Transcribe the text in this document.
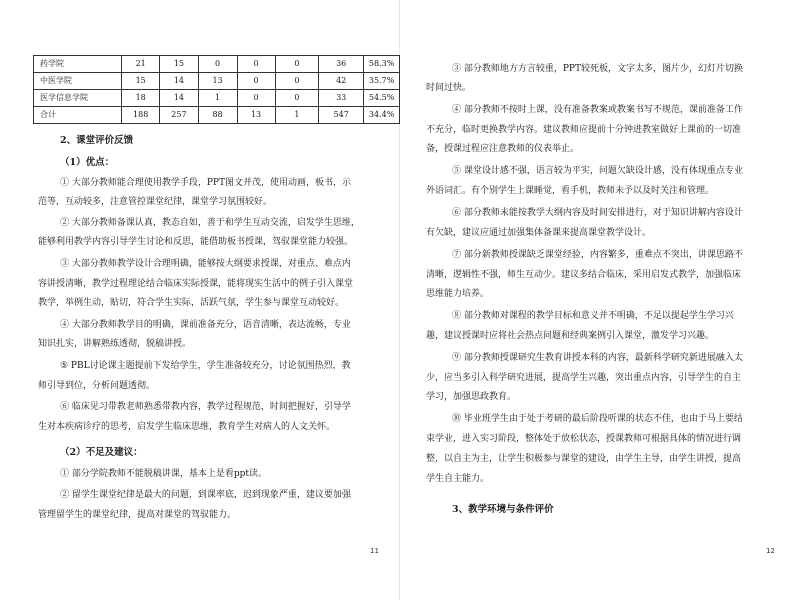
药学院	21	15	0	0	0	36	58.3%
中医学院	15	14	13	0	0	42	35.7%
医学信息学院	18	14	1	0	0	33	54.5%
合计	188	257	88	13	1	547	34.4%
2、课堂评价反馈
（1）优点：
① 大部分教师能合理使用教学手段，PPT图文并茂，使用动画，板书，示
范等，互动较多，注意管控课堂纪律，课堂学习氛围较好。
② 大部分教师备课认真，教态自如，善于和学生互动交流，启发学生思维，
能够利用教学内容引导学生讨论和反思，能借助板书授课，驾驭课堂能力较强。
③ 大部分教师教学设计合理明确，能够按大纲要求授课，对重点、难点内
容讲授清晰，教学过程理论结合临床实际授课，能将现实生活中的例子引入课堂
教学，举例生动，贴切，符合学生实际，活跃气氛，学生参与课堂互动较好。
④ 大部分教师教学目的明确，课前准备充分，语音清晰，表达流畅，专业
知识扎实，讲解熟练透彻，脱稿讲授。
⑤ PBL讨论课主题提前下发给学生，学生准备较充分，讨论氛围热烈，教
师引导到位，分析问题透彻。
⑥ 临床见习带教老师熟悉带教内容，教学过程规范，时间把握好，引导学
生对本疾病诊疗的思考，启发学生临床思维，教育学生对病人的人文关怀。
（2）不足及建议：
① 部分学院教师不能脱稿讲课，基本上是看ppt读。
② 留学生课堂纪律是最大的问题，到课率底，迟到现象严重，建议要加强
管理留学生的课堂纪律，提高对课堂的驾驭能力。
11
③ 部分教师地方方言较重，PPT较死板，文字太多，图片少，幻灯片切换
时间过快。
④ 部分教师不按时上课，没有准备教案或教案书写不规范，课前准备工作
不充分，临时更换教学内容。建议教师应提前十分钟进教室做好上课前的一切准
备，授课过程应注意教师的仪表举止。
⑤ 课堂设计感不强，语言较为平实，问题欠缺设计感，没有体现重点专业
外语词汇。有个别学生上课睡觉，看手机，教师未予以及时关注和管理。
⑥ 部分教师未能按教学大纲内容及时间安排进行，对于知识讲解内容设计
有欠缺，建议应通过加强集体备课来提高课堂教学设计。
⑦ 部分新教师授课缺乏课堂经验，内容繁多，重难点不突出，讲课思路不
清晰，逻辑性不强，师生互动少。建议多结合临床，采用启发式教学，加强临床
思维能力培养。
⑧ 部分教师对课程的教学目标和意义并不明确，不足以提起学生学习兴
趣，建议授课时应将社会热点问题和经典案例引入课堂，激发学习兴趣。
⑨ 部分教师授课研究生教育讲授本科的内容，最新科学研究新进展融入太
少，应当多引入科学研究进展，提高学生兴趣，突出重点内容，引导学生的自主
学习，加强思政教育。
⑩ 毕业班学生由于处于考研的最后阶段听课的状态不佳，也由于马上要结
束学业，进入实习阶段，整体处于放松状态，授课教师可根据具体的情况进行调
整，以自主为主，让学生积极参与课堂的建设，由学生主导，由学生讲授，提高
学生自主能力。
3、教学环境与条件评价
12
